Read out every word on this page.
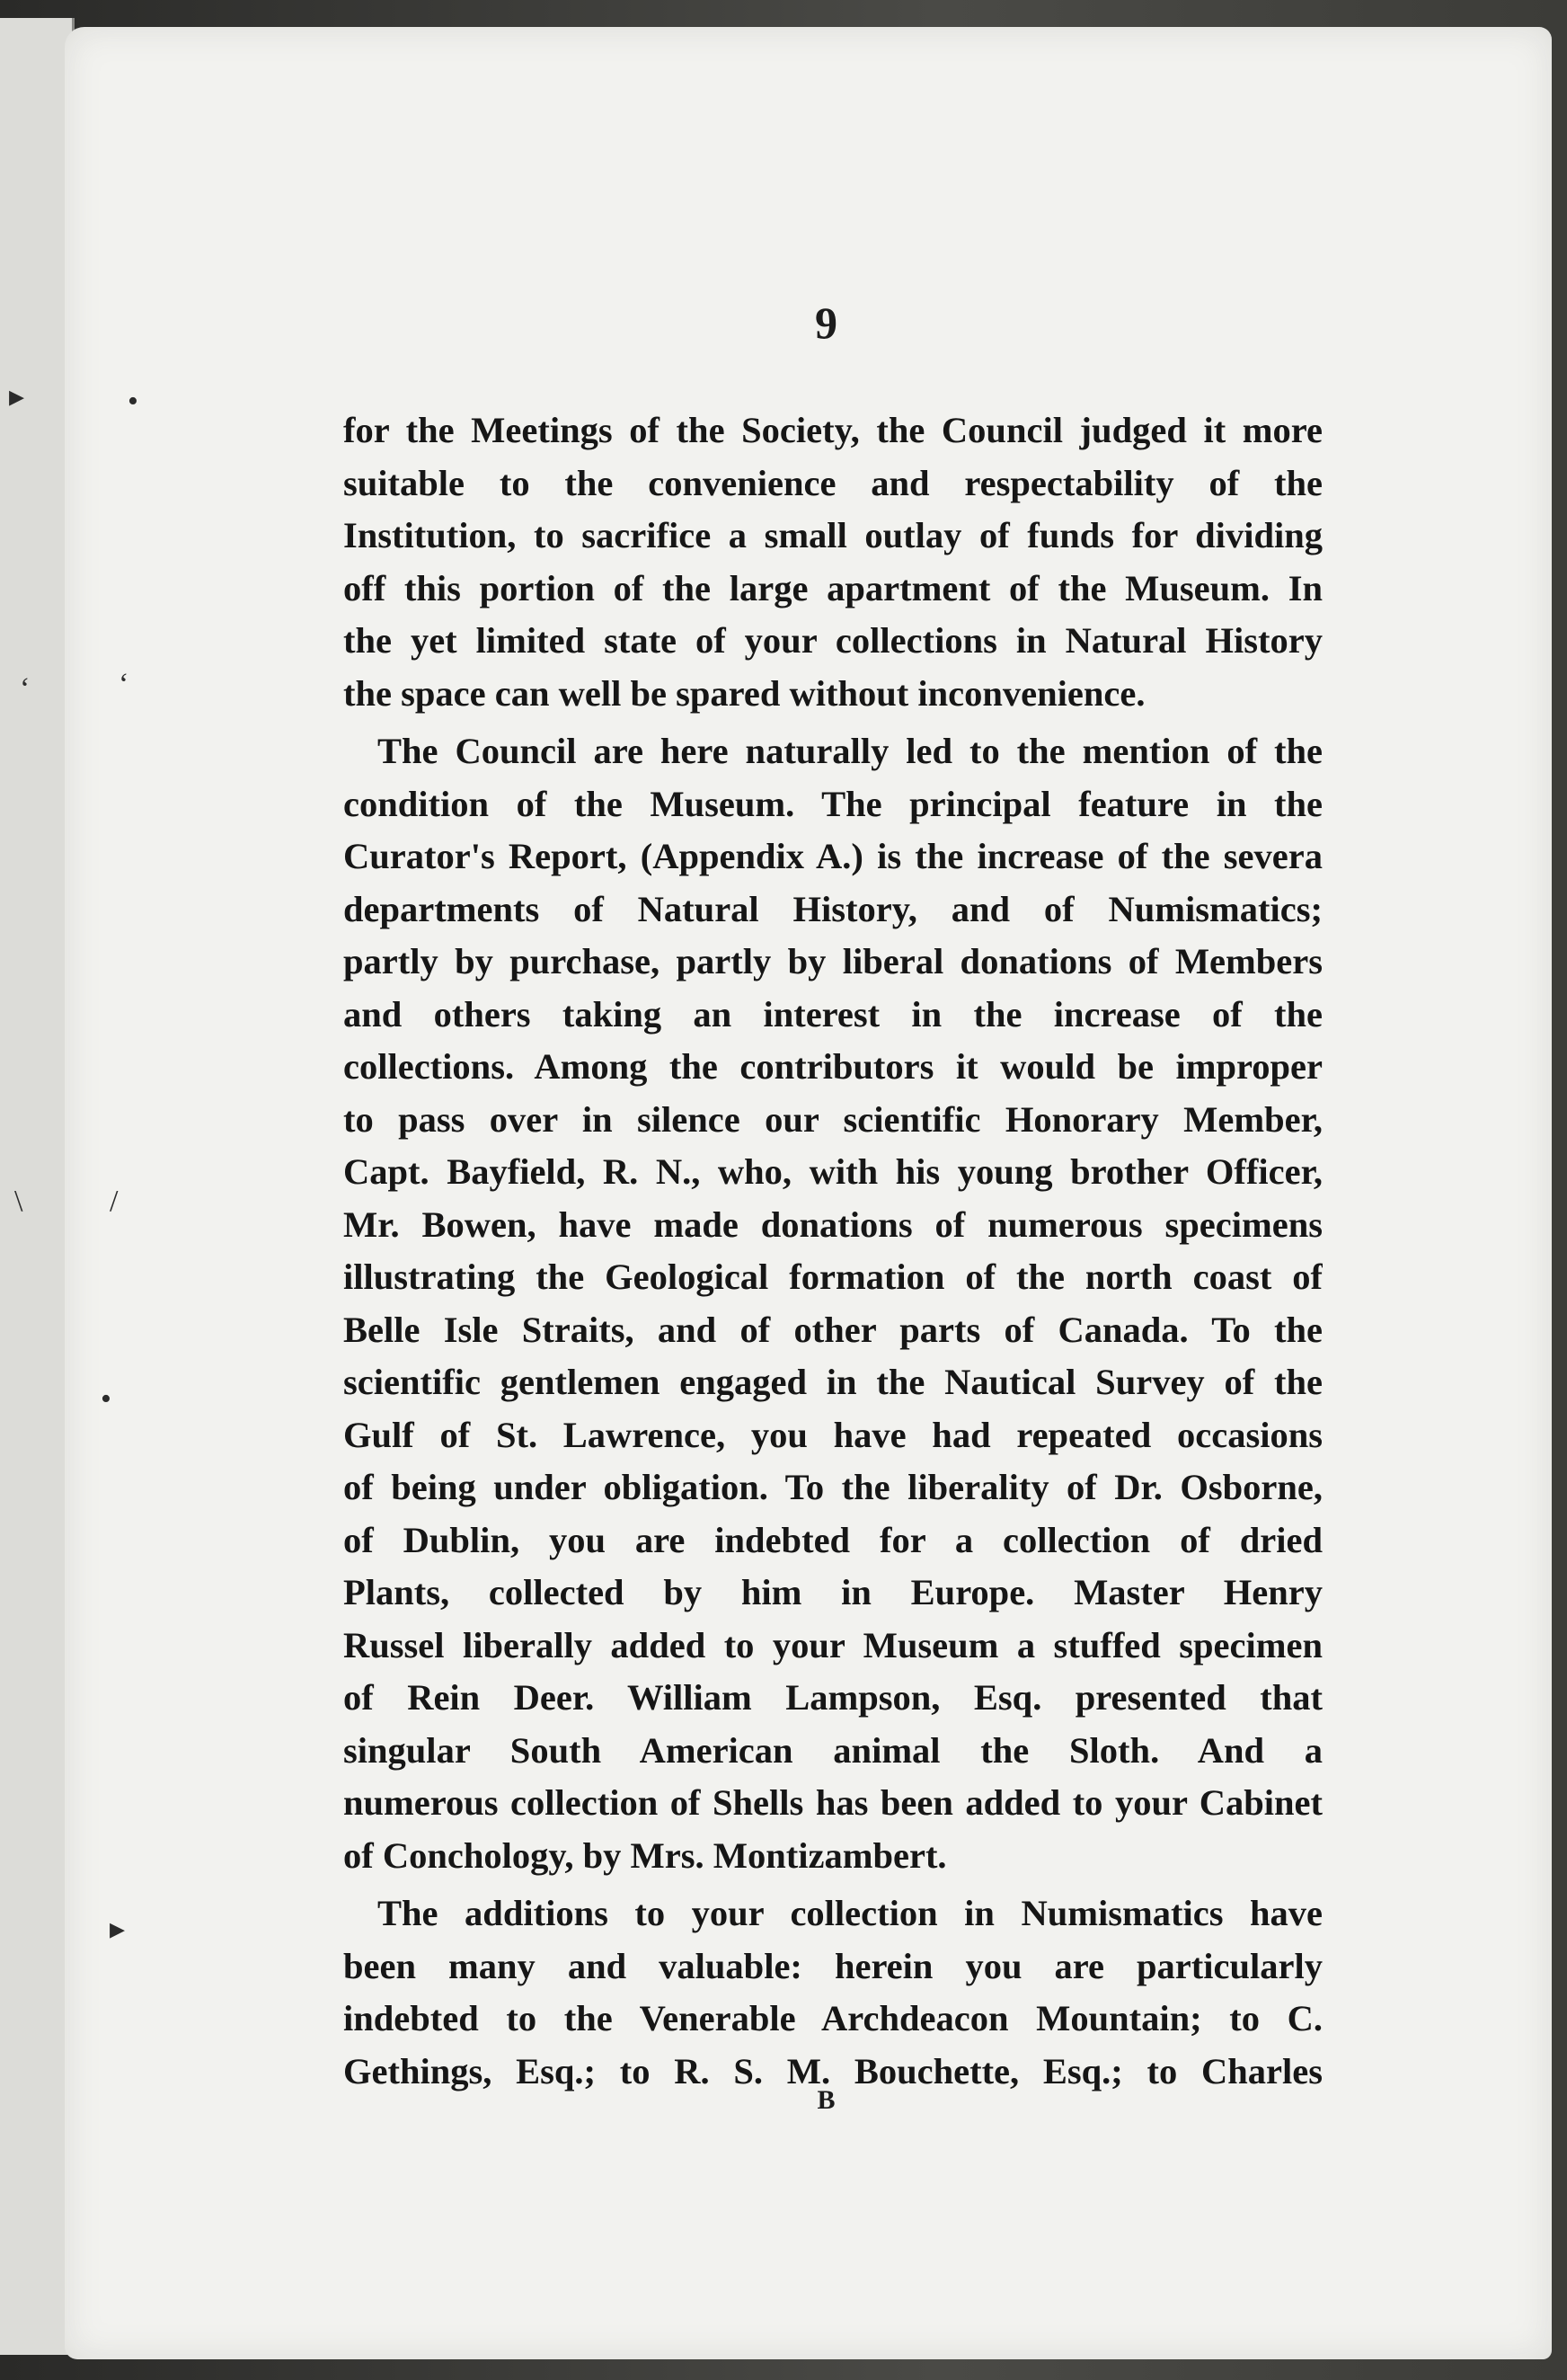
▸	•
‘	‘
\	/
•
▸

9

for the Meetings of the Society, the Council judged it more
suitable to the convenience and respectability of the
Institution, to sacrifice a small outlay of funds for dividing
off this portion of the large apartment of the Museum. In
the yet limited state of your collections in Natural History
the space can well be spared without inconvenience.
The Council are here naturally led to the mention of the
condition of the Museum. The principal feature in the
Curator's Report, (Appendix A.) is the increase of the severa
departments of Natural History, and of Numismatics;
partly by purchase, partly by liberal donations of Members
and others taking an interest in the increase of the
collections. Among the contributors it would be improper
to pass over in silence our scientific Honorary Member,
Capt. Bayfield, R. N., who, with his young brother Officer,
Mr. Bowen, have made donations of numerous specimens
illustrating the Geological formation of the north coast of
Belle Isle Straits, and of other parts of Canada. To the
scientific gentlemen engaged in the Nautical Survey of the
Gulf of St. Lawrence, you have had repeated occasions
of being under obligation. To the liberality of Dr. Osborne,
of Dublin, you are indebted for a collection of dried
Plants, collected by him in Europe. Master Henry
Russel liberally added to your Museum a stuffed specimen
of Rein Deer. William Lampson, Esq. presented that
singular South American animal the Sloth. And a
numerous collection of Shells has been added to your Cabinet
of Conchology, by Mrs. Montizambert.
The additions to your collection in Numismatics have
been many and valuable: herein you are particularly
indebted to the Venerable Archdeacon Mountain; to C.
Gethings, Esq.; to R. S. M. Bouchette, Esq.; to Charles

B
